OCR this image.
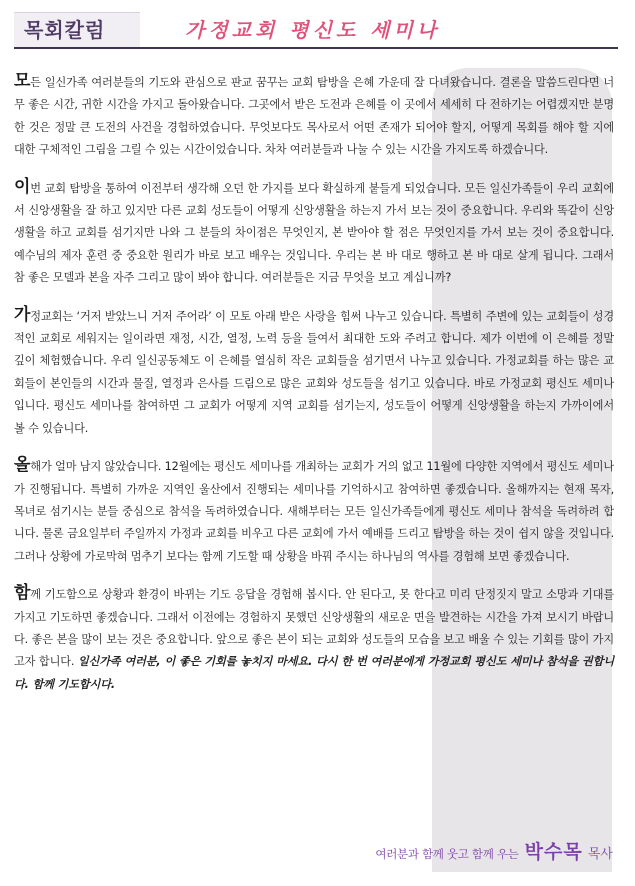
목회칼럼	가정교회 평신도 세미나

모든 일신가족 여러분들의 기도와 관심으로 판교 꿈꾸는 교회 탐방을 은혜 가운데 잘 다녀왔습니다. 결론을 말씀드린다면 너무 좋은 시간, 귀한 시간을 가지고 돌아왔습니다. 그곳에서 받은 도전과 은혜를 이 곳에서 세세히 다 전하기는 어렵겠지만 분명한 것은 정말 큰 도전의 사건을 경험하였습니다. 무엇보다도 목사로서 어떤 존재가 되어야 할지, 어떻게 목회를 해야 할 지에 대한 구체적인 그림을 그릴 수 있는 시간이었습니다. 차차 여러분들과 나눌 수 있는 시간을 가지도록 하겠습니다.

이번 교회 탐방을 통하여 이전부터 생각해 오던 한 가지를 보다 확실하게 붙들게 되었습니다. 모든 일신가족들이 우리 교회에서 신앙생활을 잘 하고 있지만 다른 교회 성도들이 어떻게 신앙생활을 하는지 가서 보는 것이 중요합니다. 우리와 똑같이 신앙생활을 하고 교회를 섬기지만 나와 그 분들의 차이점은 무엇인지, 본 받아야 할 점은 무엇인지를 가서 보는 것이 중요합니다. 예수님의 제자 훈련 중 중요한 원리가 바로 보고 배우는 것입니다. 우리는 본 바 대로 행하고 본 바 대로 살게 됩니다. 그래서 참 좋은 모델과 본을 자주 그리고 많이 봐야 합니다. 여러분들은 지금 무엇을 보고 계십니까?

가정교회는 ‘거저 받았느니 거저 주어라’ 이 모토 아래 받은 사랑을 힘써 나누고 있습니다. 특별히 주변에 있는 교회들이 성경적인 교회로 세워지는 일이라면 재정, 시간, 열정, 노력 등을 들여서 최대한 도와 주려고 합니다. 제가 이번에 이 은혜를 정말 깊이 체험했습니다. 우리 일신공동체도 이 은혜를 열심히 작은 교회들을 섬기면서 나누고 있습니다. 가정교회를 하는 많은 교회들이 본인들의 시간과 물질, 열정과 은사를 드림으로 많은 교회와 성도들을 섬기고 있습니다. 바로 가정교회 평신도 세미나 입니다. 평신도 세미나를 참여하면 그 교회가 어떻게 지역 교회를 섬기는지, 성도들이 어떻게 신앙생활을 하는지 가까이에서 볼 수 있습니다.

올해가 얼마 남지 않았습니다. 12월에는 평신도 세미나를 개최하는 교회가 거의 없고 11월에 다양한 지역에서 평신도 세미나가 진행됩니다. 특별히 가까운 지역인 울산에서 진행되는 세미나를 기억하시고 참여하면 좋겠습니다. 올해까지는 현재 목자, 목녀로 섬기시는 분들 중심으로 참석을 독려하였습니다. 새해부터는 모든 일신가족들에게 평신도 세미나 참석을 독려하려 합니다. 물론 금요일부터 주일까지 가정과 교회를 비우고 다른 교회에 가서 예배를 드리고 탐방을 하는 것이 쉽지 않을 것입니다. 그러나 상황에 가로막혀 멈추기 보다는 함께 기도할 때 상황을 바꿔 주시는 하나님의 역사를 경험해 보면 좋겠습니다.

함께 기도함으로 상황과 환경이 바뀌는 기도 응답을 경험해 봅시다. 안 된다고, 못 한다고 미리 단정짓지 말고 소망과 기대를 가지고 기도하면 좋겠습니다. 그래서 이전에는 경험하지 못했던 신앙생활의 새로운 면을 발견하는 시간을 가져 보시기 바랍니다. 좋은 본을 많이 보는 것은 중요합니다. 앞으로 좋은 본이 되는 교회와 성도들의 모습을 보고 배울 수 있는 기회를 많이 가지고자 합니다. 일신가족 여러분, 이 좋은 기회를 놓치지 마세요. 다시 한 번 여러분에게 가정교회 평신도 세미나 참석을 권합니다. 함께 기도합시다.

여러분과 함께 웃고 함께 우는 박수목 목사
